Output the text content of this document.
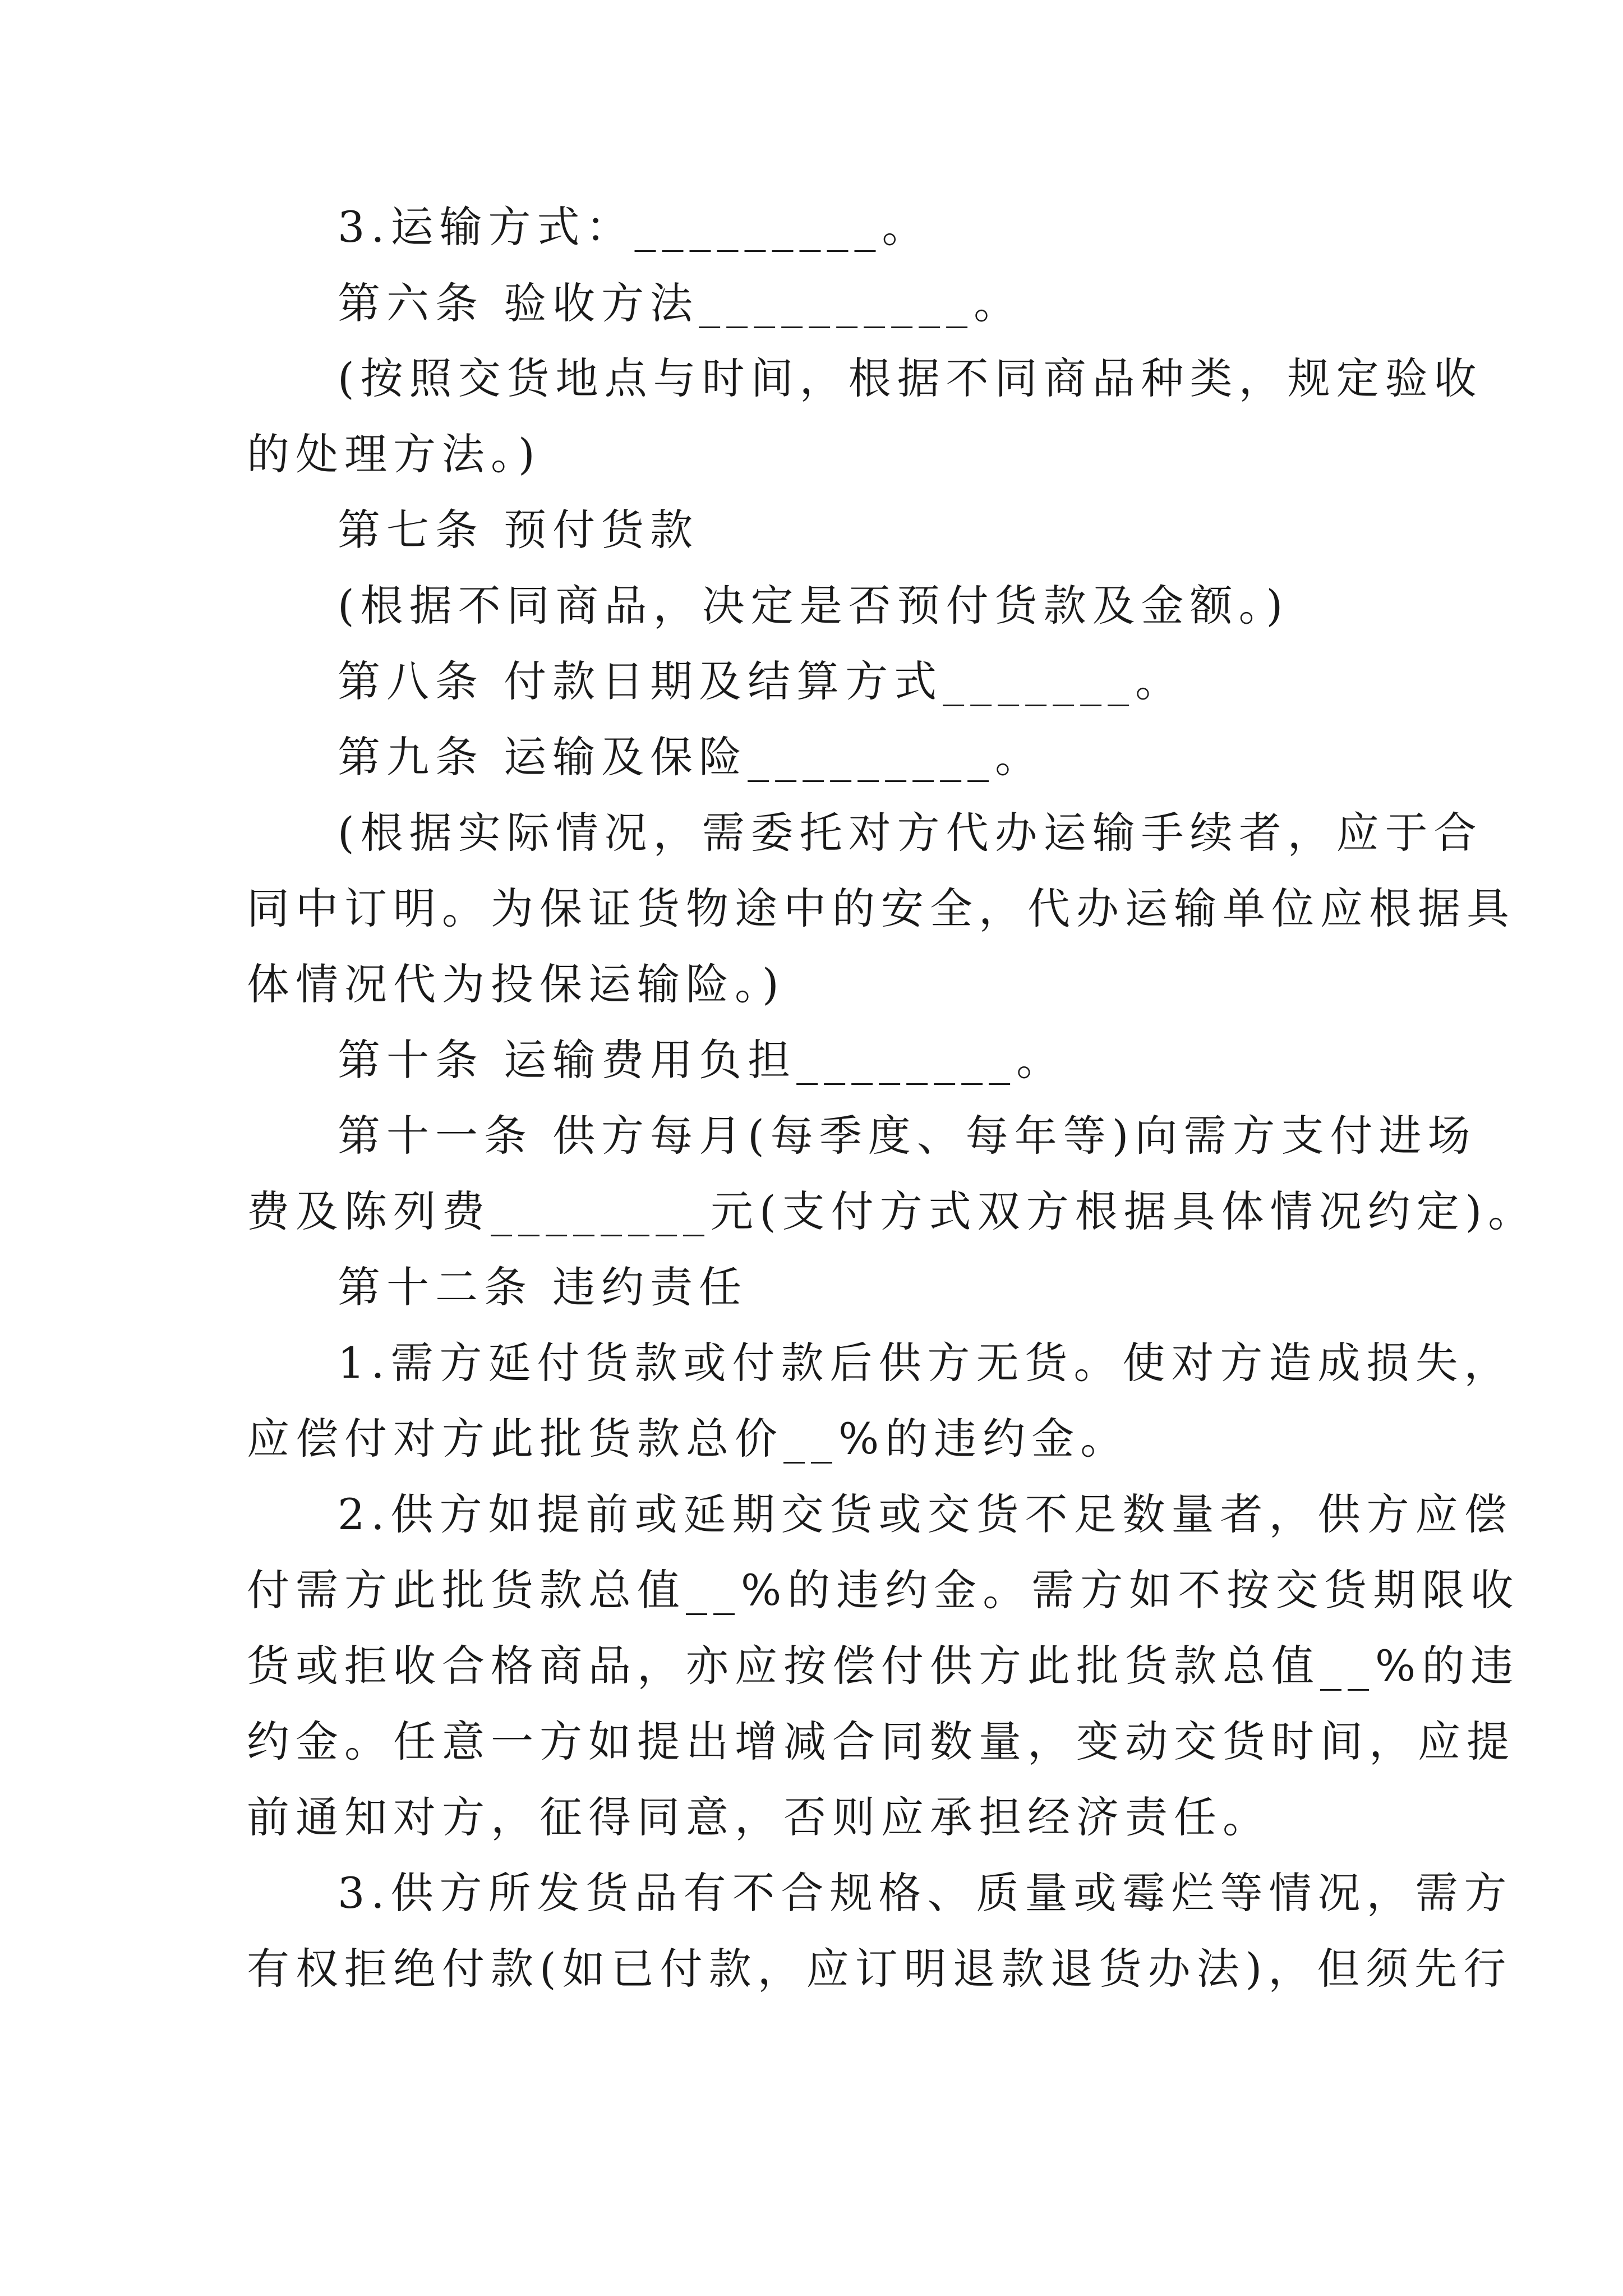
3.运输方式：_________。
第六条 验收方法__________。
(按照交货地点与时间，根据不同商品种类，规定验收
的处理方法。)
第七条 预付货款
(根据不同商品，决定是否预付货款及金额。)
第八条 付款日期及结算方式_______。
第九条 运输及保险_________。
(根据实际情况，需委托对方代办运输手续者，应于合
同中订明。为保证货物途中的安全，代办运输单位应根据具
体情况代为投保运输险。)
第十条 运输费用负担________。
第十一条 供方每月(每季度、每年等)向需方支付进场
费及陈列费________元(支付方式双方根据具体情况约定)。
第十二条 违约责任
1.需方延付货款或付款后供方无货。使对方造成损失，
应偿付对方此批货款总价__%的违约金。
2.供方如提前或延期交货或交货不足数量者，供方应偿
付需方此批货款总值__%的违约金。需方如不按交货期限收
货或拒收合格商品，亦应按偿付供方此批货款总值__%的违
约金。任意一方如提出增减合同数量，变动交货时间，应提
前通知对方，征得同意，否则应承担经济责任。
3.供方所发货品有不合规格、质量或霉烂等情况，需方
有权拒绝付款(如已付款，应订明退款退货办法)，但须先行
